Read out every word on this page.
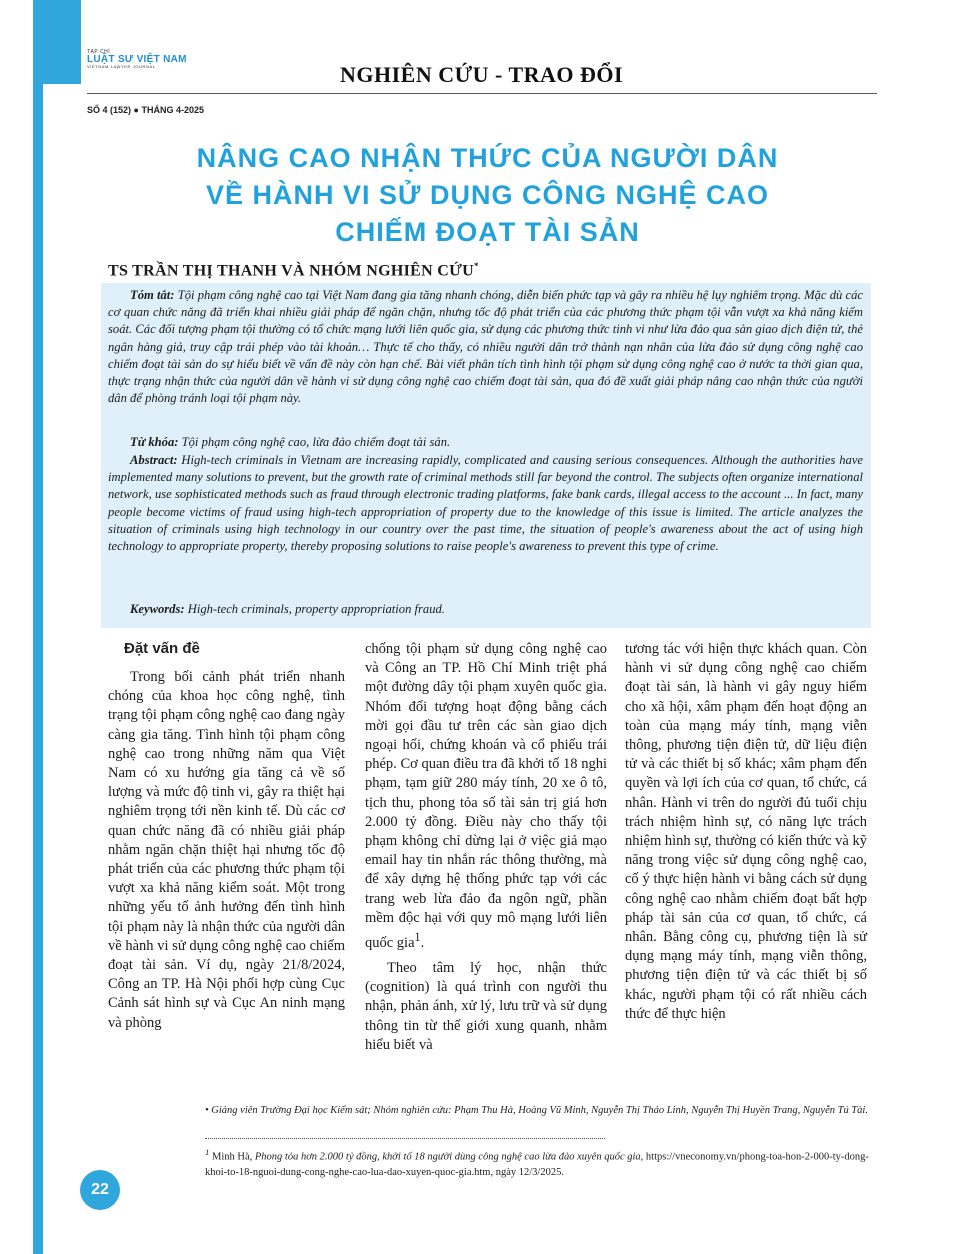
TẠP CHÍ
LUẬT SƯ VIỆT NAM
VIETNAM LAWYER JOURNAL	NGHIÊN CỨU - TRAO ĐỔI
SỐ 4 (152) ● THÁNG 4-2025
NÂNG CAO NHẬN THỨC CỦA NGƯỜI DÂN
VỀ HÀNH VI SỬ DỤNG CÔNG NGHỆ CAO
CHIẾM ĐOẠT TÀI SẢN
TS TRẦN THỊ THANH VÀ NHÓM NGHIÊN CỨU*

Tóm tắt: Tội phạm công nghệ cao tại Việt Nam đang gia tăng nhanh chóng, diễn biến phức tạp và gây ra nhiều hệ lụy nghiêm trọng. Mặc dù các cơ quan chức năng đã triển khai nhiều giải pháp để ngăn chặn, nhưng tốc độ phát triển của các phương thức phạm tội vẫn vượt xa khả năng kiểm soát. Các đối tượng phạm tội thường có tổ chức mạng lưới liên quốc gia, sử dụng các phương thức tinh vi như lừa đảo qua sàn giao dịch điện tử, thẻ ngân hàng giả, truy cập trái phép vào tài khoản… Thực tế cho thấy, có nhiều người dân trở thành nạn nhân của lừa đảo sử dụng công nghệ cao chiếm đoạt tài sản do sự hiểu biết về vấn đề này còn hạn chế. Bài viết phân tích tình hình tội phạm sử dụng công nghệ cao ở nước ta thời gian qua, thực trạng nhận thức của người dân về hành vi sử dụng công nghệ cao chiếm đoạt tài sản, qua đó đề xuất giải pháp nâng cao nhận thức của người dân để phòng tránh loại tội phạm này.

Từ khóa: Tội phạm công nghệ cao, lừa đảo chiếm đoạt tài sản.

Abstract: High-tech criminals in Vietnam are increasing rapidly, complicated and causing serious consequences. Although the authorities have implemented many solutions to prevent, but the growth rate of criminal methods still far beyond the control. The subjects often organize international network, use sophisticated methods such as fraud through electronic trading platforms, fake bank cards, illegal access to the account ... In fact, many people become victims of fraud using high-tech appropriation of property due to the knowledge of this issue is limited. The article analyzes the situation of criminals using high technology in our country over the past time, the situation of people's awareness about the act of using high technology to appropriate property, thereby proposing solutions to raise people's awareness to prevent this type of crime.

Keywords: High-tech criminals, property appropriation fraud.

Đặt vấn đề

Trong bối cảnh phát triển nhanh chóng của khoa học công nghệ, tình trạng tội phạm công nghệ cao đang ngày càng gia tăng. Tình hình tội phạm công nghệ cao trong những năm qua Việt Nam có xu hướng gia tăng cả về số lượng và mức độ tinh vi, gây ra thiệt hại nghiêm trọng tới nền kinh tế. Dù các cơ quan chức năng đã có nhiều giải pháp nhằm ngăn chặn thiệt hại nhưng tốc độ phát triển của các phương thức phạm tội vượt xa khả năng kiểm soát. Một trong những yếu tố ảnh hưởng đến tình hình tội phạm này là nhận thức của người dân về hành vi sử dụng công nghệ cao chiếm đoạt tài sản. Ví dụ, ngày 21/8/2024, Công an TP. Hà Nội phối hợp cùng Cục Cảnh sát hình sự và Cục An ninh mạng và phòng

chống tội phạm sử dụng công nghệ cao và Công an TP. Hồ Chí Minh triệt phá một đường dây tội phạm xuyên quốc gia. Nhóm đối tượng hoạt động bằng cách mời gọi đầu tư trên các sàn giao dịch ngoại hối, chứng khoán và cổ phiếu trái phép. Cơ quan điều tra đã khởi tố 18 nghi phạm, tạm giữ 280 máy tính, 20 xe ô tô, tịch thu, phong tỏa số tài sản trị giá hơn 2.000 tỷ đồng. Điều này cho thấy tội phạm không chỉ dừng lại ở việc giả mạo email hay tin nhắn rác thông thường, mà để xây dựng hệ thống phức tạp với các trang web lừa đảo đa ngôn ngữ, phần mềm độc hại với quy mô mạng lưới liên quốc gia$^1$.

Theo tâm lý học, nhận thức (cognition) là quá trình con người thu nhận, phản ánh, xử lý, lưu trữ và sử dụng thông tin từ thế giới xung quanh, nhằm hiểu biết và

tương tác với hiện thực khách quan. Còn hành vi sử dụng công nghệ cao chiếm đoạt tài sản, là hành vi gây nguy hiểm cho xã hội, xâm phạm đến hoạt động an toàn của mạng máy tính, mạng viễn thông, phương tiện điện tử, dữ liệu điện tử và các thiết bị số khác; xâm phạm đến quyền và lợi ích của cơ quan, tổ chức, cá nhân. Hành vi trên do người đủ tuổi chịu trách nhiệm hình sự, có năng lực trách nhiệm hình sự, thường có kiến thức và kỹ năng trong việc sử dụng công nghệ cao, cố ý thực hiện hành vi bằng cách sử dụng công nghệ cao nhằm chiếm đoạt bất hợp pháp tài sản của cơ quan, tổ chức, cá nhân. Bằng công cụ, phương tiện là sử dụng mạng máy tính, mạng viễn thông, phương tiện điện tử và các thiết bị số khác, người phạm tội có rất nhiều cách thức để thực hiện

• Giảng viên Trường Đại học Kiểm sát; Nhóm nghiên cứu: Phạm Thu Hà, Hoàng Vũ Minh, Nguyễn Thị Thảo Linh, Nguyễn Thị Huyền Trang, Nguyễn Tú Tài.

$^1$ Minh Hà, Phong tỏa hơn 2.000 tỷ đồng, khởi tố 18 người dùng công nghệ cao lừa đảo xuyên quốc gia, https://vneconomy.vn/phong-toa-hon-2-000-ty-dong-khoi-to-18-nguoi-dung-cong-nghe-cao-lua-dao-xuyen-quoc-gia.htm, ngày 12/3/2025.

22
